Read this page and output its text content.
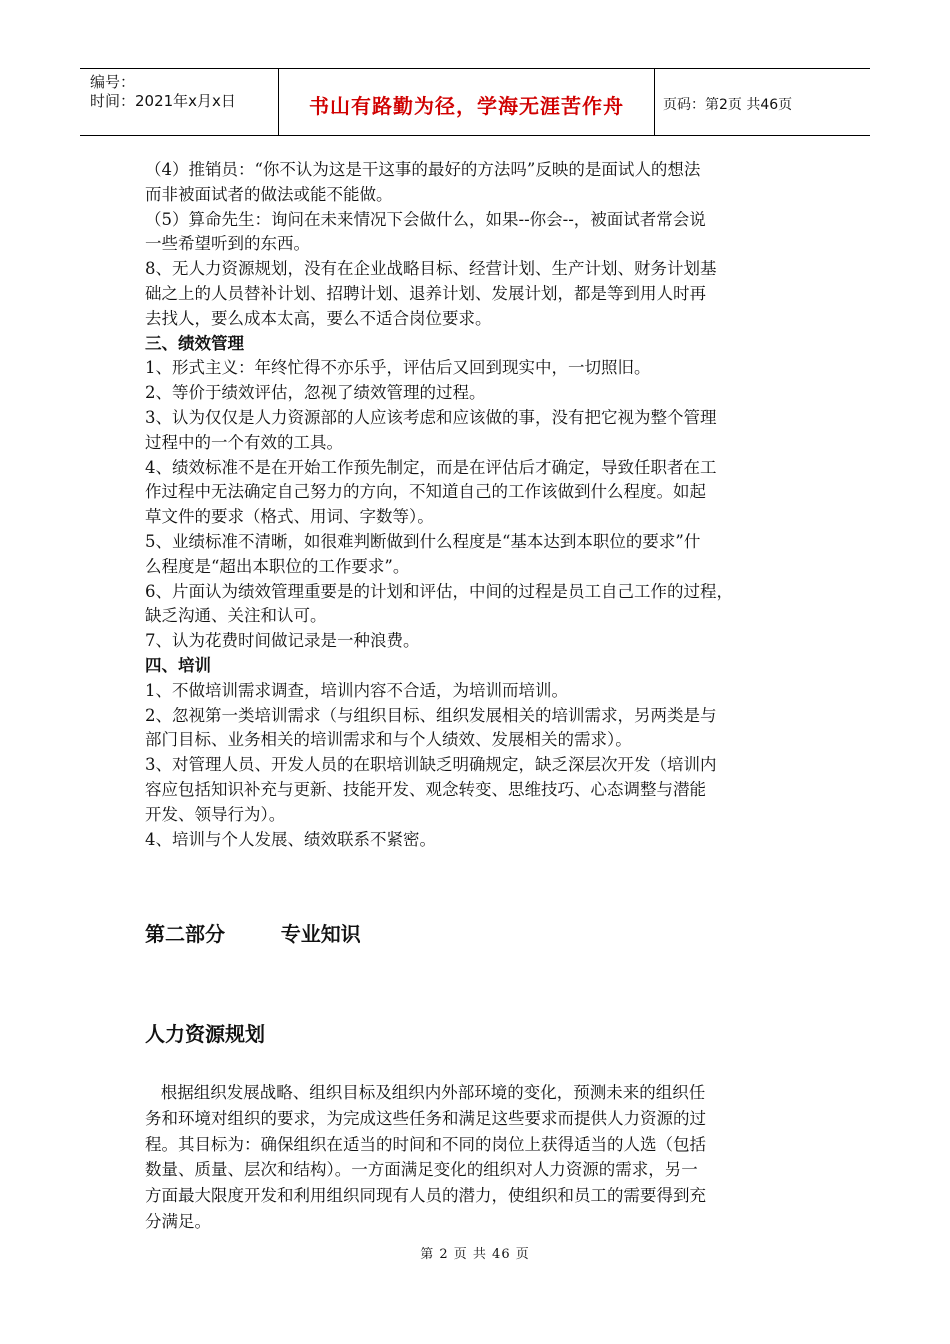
编号：
时间：2021年x月x日	书山有路勤为径，学海无涯苦作舟	页码：第2页 共46页

（4）推销员：“你不认为这是干这事的最好的方法吗”反映的是面试人的想法

而非被面试者的做法或能不能做。

（5）算命先生：询问在未来情况下会做什么，如果--你会--，被面试者常会说

一些希望听到的东西。

8、无人力资源规划，没有在企业战略目标、经营计划、生产计划、财务计划基

础之上的人员替补计划、招聘计划、退养计划、发展计划，都是等到用人时再

去找人，要么成本太高，要么不适合岗位要求。

三、绩效管理

1、形式主义：年终忙得不亦乐乎，评估后又回到现实中，一切照旧。

2、等价于绩效评估，忽视了绩效管理的过程。

3、认为仅仅是人力资源部的人应该考虑和应该做的事，没有把它视为整个管理

过程中的一个有效的工具。

4、绩效标准不是在开始工作预先制定，而是在评估后才确定，导致任职者在工

作过程中无法确定自己努力的方向，不知道自己的工作该做到什么程度。如起

草文件的要求（格式、用词、字数等）。

5、业绩标准不清晰，如很难判断做到什么程度是“基本达到本职位的要求”什

么程度是“超出本职位的工作要求”。

6、片面认为绩效管理重要是的计划和评估，中间的过程是员工自己工作的过程，

缺乏沟通、关注和认可。

7、认为花费时间做记录是一种浪费。

四、培训

1、不做培训需求调查，培训内容不合适，为培训而培训。

2、忽视第一类培训需求（与组织目标、组织发展相关的培训需求，另两类是与

部门目标、业务相关的培训需求和与个人绩效、发展相关的需求）。

3、对管理人员、开发人员的在职培训缺乏明确规定，缺乏深层次开发（培训内

容应包括知识补充与更新、技能开发、观念转变、思维技巧、心态调整与潜能

开发、领导行为）。

4、培训与个人发展、绩效联系不紧密。

第二部分        专业知识
人力资源规划

根据组织发展战略、组织目标及组织内外部环境的变化，预测未来的组织任

务和环境对组织的要求，为完成这些任务和满足这些要求而提供人力资源的过

程。其目标为：确保组织在适当的时间和不同的岗位上获得适当的人选（包括

数量、质量、层次和结构）。一方面满足变化的组织对人力资源的需求，另一

方面最大限度开发和利用组织同现有人员的潜力，使组织和员工的需要得到充

分满足。

第 2 页 共 46 页
